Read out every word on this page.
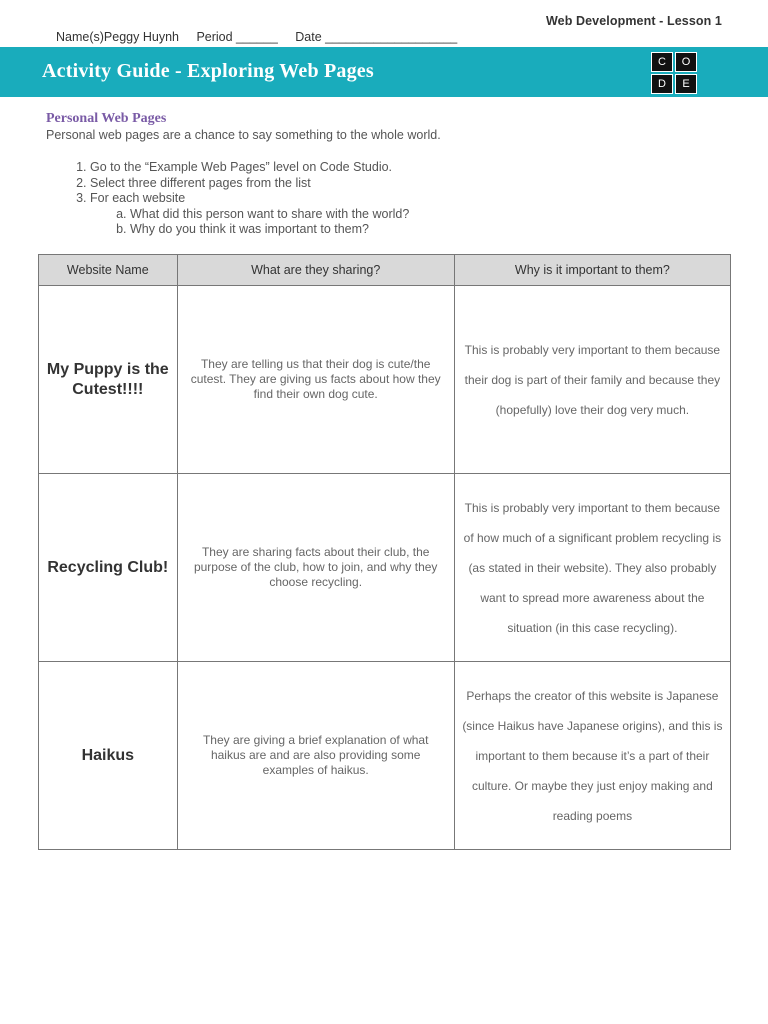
Web Development - Lesson 1
Name(s)Peggy Huynh Period ______ Date ___________________
Activity Guide - Exploring Web Pages	C	O
D	E
Personal Web Pages
Personal web pages are a chance to say something to the whole world.
1. Go to the “Example Web Pages” level on Code Studio.
2. Select three different pages from the list
3. For each website
a. What did this person want to share with the world?
b. Why do you think it was important to them?
Website Name	What are they sharing?	Why is it important to them?
My Puppy is the Cutest!!!!	They are telling us that their dog is cute/the cutest. They are giving us facts about how they find their own dog cute.	This is probably very important to them because their dog is part of their family and because they (hopefully) love their dog very much.
Recycling Club!	They are sharing facts about their club, the purpose of the club, how to join, and why they choose recycling.	This is probably very important to them because of how much of a significant problem recycling is (as stated in their website). They also probably want to spread more awareness about the situation (in this case recycling).
Haikus	They are giving a brief explanation of what haikus are and are also providing some examples of haikus.	Perhaps the creator of this website is Japanese (since Haikus have Japanese origins), and this is important to them because it’s a part of their culture. Or maybe they just enjoy making and reading poems
